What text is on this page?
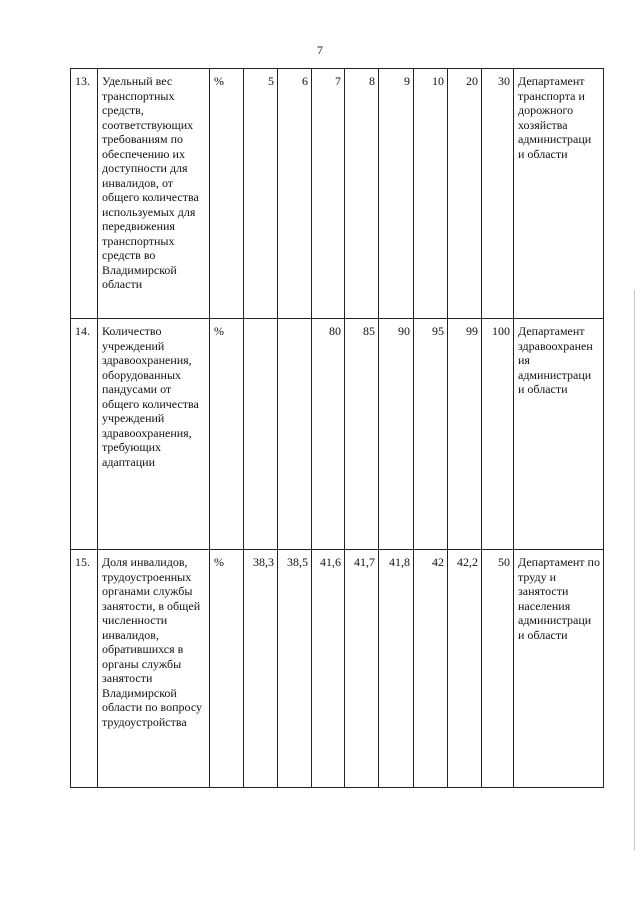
7
13.	Удельный вес транспортных средств, соответствующих требованиям по обеспечению их доступности для инвалидов, от общего количества используемых для передвижения транспортных средств во Владимирской области	%	5	6	7	8	9	10	20	30	Департамент транспорта и дорожного хозяйства администраци и области
14.	Количество учреждений здравоохранения, оборудованных пандусами от общего количества учреждений здравоохранения, требующих адаптации	%			80	85	90	95	99	100	Департамент здравоохранен ия администраци и области
15.	Доля инвалидов, трудоустроенных органами службы занятости, в общей численности инвалидов, обратившихся в органы службы занятости Владимирской области по вопросу трудоустройства	%	38,3	38,5	41,6	41,7	41,8	42	42,2	50	Департамент по труду и занятости населения администраци и области
